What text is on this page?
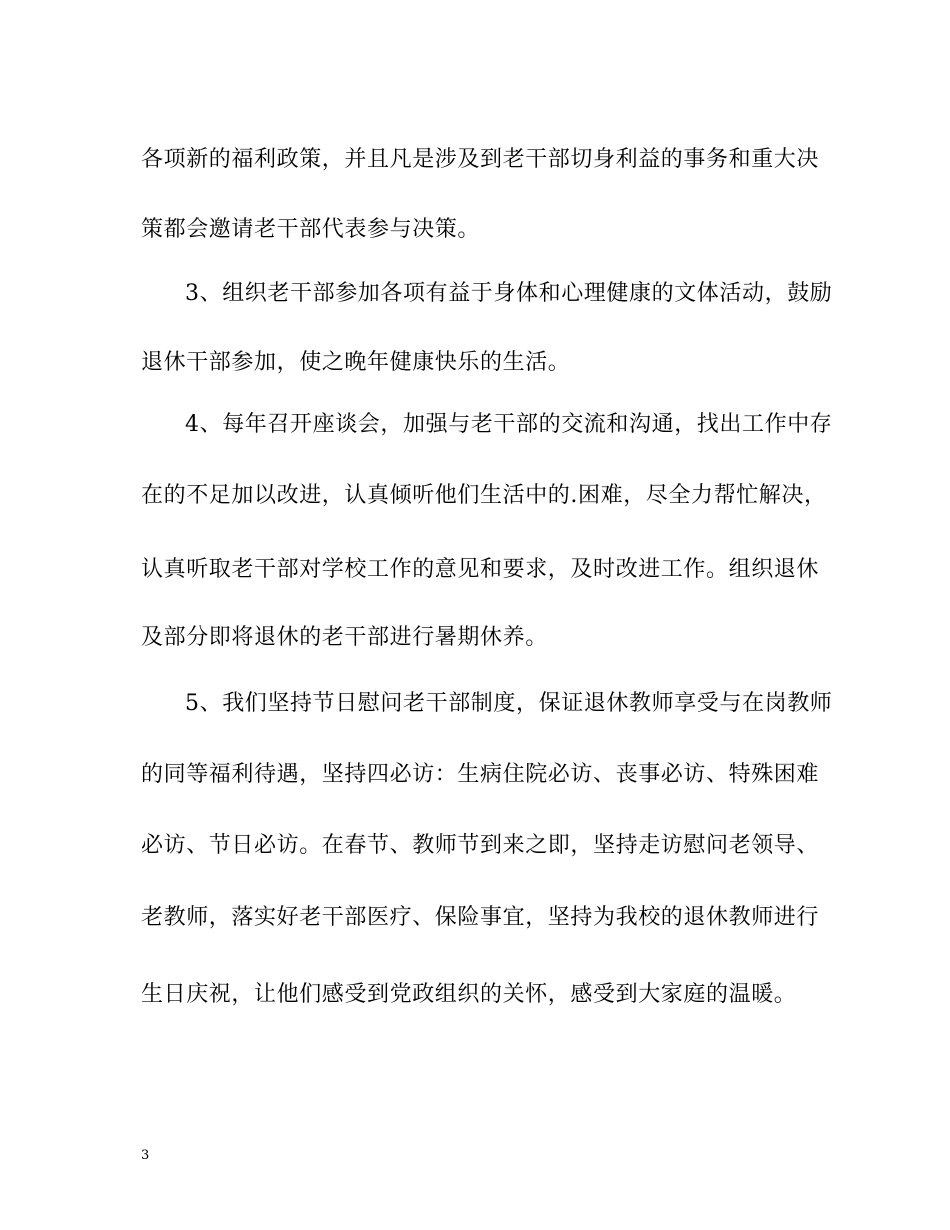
各项新的福利政策，并且凡是涉及到老干部切身利益的事务和重大决
策都会邀请老干部代表参与决策。
3、组织老干部参加各项有益于身体和心理健康的文体活动，鼓励
退休干部参加，使之晚年健康快乐的生活。
4、每年召开座谈会，加强与老干部的交流和沟通，找出工作中存
在的不足加以改进，认真倾听他们生活中的.困难，尽全力帮忙解决，
认真听取老干部对学校工作的意见和要求，及时改进工作。组织退休
及部分即将退休的老干部进行暑期休养。
5、我们坚持节日慰问老干部制度，保证退休教师享受与在岗教师
的同等福利待遇，坚持四必访：生病住院必访、丧事必访、特殊困难
必访、节日必访。在春节、教师节到来之即，坚持走访慰问老领导、
老教师，落实好老干部医疗、保险事宜，坚持为我校的退休教师进行
生日庆祝，让他们感受到党政组织的关怀，感受到大家庭的温暖。
3
